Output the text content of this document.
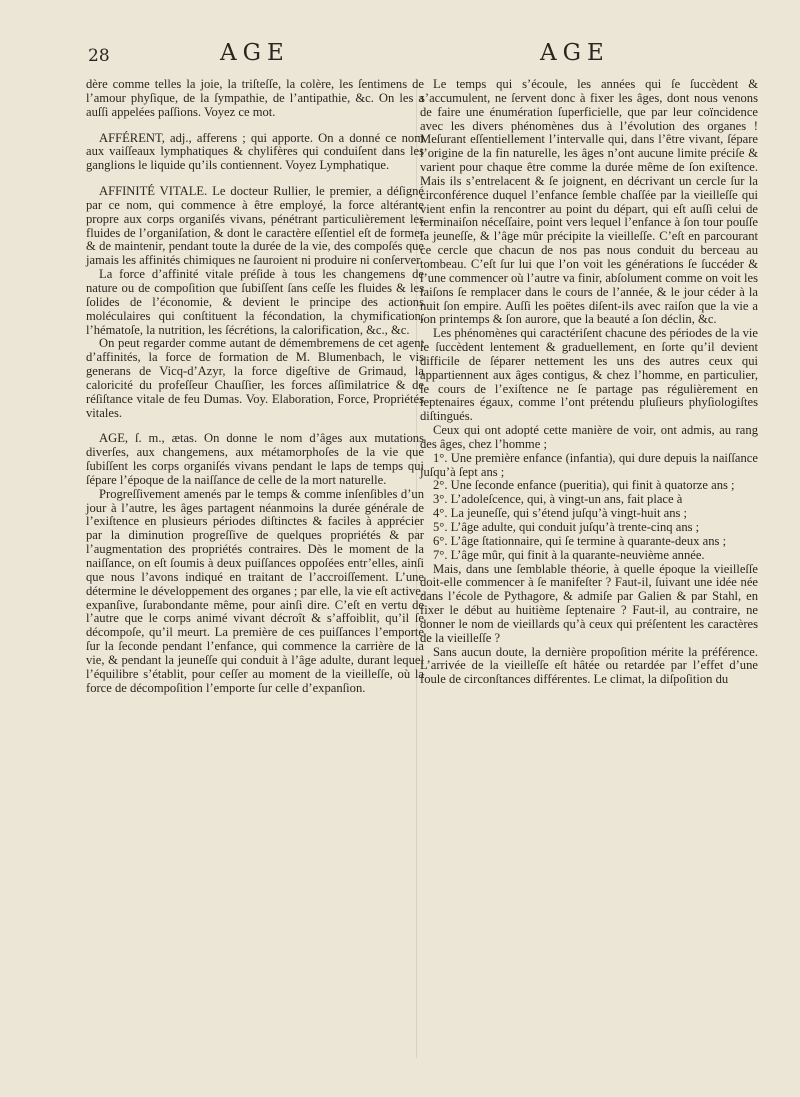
28	AGE	AGE

dère comme telles la joie, la triſteſſe, la colère, les ſentimens de l’amour phyſique, de la ſympathie, de l’antipathie, &c. On les a auſſi appelées paſſions. Voyez ce mot.

AFFÉRENT, adj., afferens ; qui apporte. On a donné ce nom aux vaiſſeaux lymphatiques & chylifères qui conduiſent dans les ganglions le liquide qu’ils contiennent. Voyez Lymphatique.

AFFINITÉ VITALE. Le docteur Rullier, le premier, a déſigné par ce nom, qui commence à être employé, la force altérante propre aux corps organiſés vivans, pénétrant particulièrement les fluides de l’organiſation, & dont le caractère eſſentiel eſt de former & de maintenir, pendant toute la durée de la vie, des compoſés que jamais les affinités chimiques ne ſauroient ni produire ni conſerver.

La force d’affinité vitale préſide à tous les changemens de nature ou de compoſition que ſubiſſent ſans ceſſe les fluides & les ſolides de l’économie, & devient le principe des actions moléculaires qui conſtituent la fécondation, la chymification, l’hématoſe, la nutrition, les ſécrétions, la calorification, &c., &c.

On peut regarder comme autant de démembremens de cet agent d’affinités, la force de formation de M. Blumenbach, le vis generans de Vicq-d’Azyr, la force digeſtive de Grimaud, la caloricité du profeſſeur Chauſſier, les forces aſſimilatrice & de réſiſtance vitale de feu Dumas. Voy. Elaboration, Force, Propriétés vitales.

AGE, ſ. m., ætas. On donne le nom d’âges aux mutations diverſes, aux changemens, aux métamorphoſes de la vie que ſubiſſent les corps organiſés vivans pendant le laps de temps qui ſépare l’époque de la naiſſance de celle de la mort naturelle.

Progreſſivement amenés par le temps & comme inſenſibles d’un jour à l’autre, les âges partagent néanmoins la durée générale de l’exiſtence en plusieurs périodes diſtinctes & faciles à apprécier par la diminution progreſſive de quelques propriétés & par l’augmentation des propriétés contraires. Dès le moment de la naiſſance, on eſt ſoumis à deux puiſſances oppoſées entr’elles, ainſi que nous l’avons indiqué en traitant de l’accroiſſement. L’une détermine le développement des organes ; par elle, la vie eſt active, expanſive, ſurabondante même, pour ainſi dire. C’eſt en vertu de l’autre que le corps animé vivant décroît & s’affoiblit, qu’il ſe décompoſe, qu’il meurt. La première de ces puiſſances l’emporte ſur la ſeconde pendant l’enfance, qui commence la carrière de la vie, & pendant la jeuneſſe qui conduit à l’âge adulte, durant lequel l’équilibre s’établit, pour ceſſer au moment de la vieilleſſe, où la force de décompoſition l’emporte ſur celle d’expanſion.

Le temps qui s’écoule, les années qui ſe ſuccèdent & s’accumulent, ne ſervent donc à fixer les âges, dont nous venons de faire une énumération ſuperficielle, que par leur coïncidence avec les divers phénomènes dus à l’évolution des organes ! Meſurant eſſentiellement l’intervalle qui, dans l’être vivant, ſépare l’origine de la fin naturelle, les âges n’ont aucune limite préciſe & varient pour chaque être comme la durée même de ſon exiſtence. Mais ils s’entrelacent & ſe joignent, en décrivant un cercle ſur la circonférence duquel l’enfance ſemble chaſſée par la vieilleſſe qui vient enfin la rencontrer au point du départ, qui eſt auſſi celui de terminaiſon néceſſaire, point vers lequel l’enfance à ſon tour pouſſe la jeuneſſe, & l’âge mûr précipite la vieilleſſe. C’eſt en parcourant ce cercle que chacun de nos pas nous conduit du berceau au tombeau. C’eſt ſur lui que l’on voit les générations ſe ſuccéder & l’une commencer où l’autre va finir, abſolument comme on voit les ſaiſons ſe remplacer dans le cours de l’année, & le jour céder à la nuit ſon empire. Auſſi les poëtes diſent-ils avec raiſon que la vie a ſon printemps & ſon aurore, que la beauté a ſon déclin, &c.

Les phénomènes qui caractériſent chacune des périodes de la vie ſe ſuccèdent lentement & graduellement, en ſorte qu’il devient difficile de ſéparer nettement les uns des autres ceux qui appartiennent aux âges contigus, & chez l’homme, en particulier, le cours de l’exiſtence ne ſe partage pas régulièrement en ſeptenaires égaux, comme l’ont prétendu pluſieurs phyſiologiſtes diſtingués.

Ceux qui ont adopté cette manière de voir, ont admis, au rang des âges, chez l’homme ;

1°. Une première enfance (infantia), qui dure depuis la naiſſance juſqu’à ſept ans ;

2°. Une ſeconde enfance (pueritia), qui finit à quatorze ans ;

3°. L’adoleſcence, qui, à vingt-un ans, fait place à

4°. La jeuneſſe, qui s’étend juſqu’à vingt-huit ans ;

5°. L’âge adulte, qui conduit juſqu’à trente-cinq ans ;

6°. L’âge ſtationnaire, qui ſe termine à quarante-deux ans ;

7°. L’âge mûr, qui finit à la quarante-neuvième année.

Mais, dans une ſemblable théorie, à quelle époque la vieilleſſe doit-elle commencer à ſe manifeſter ? Faut-il, ſuivant une idée née dans l’école de Pythagore, & admiſe par Galien & par Stahl, en fixer le début au huitième ſeptenaire ? Faut-il, au contraire, ne donner le nom de vieillards qu’à ceux qui préſentent les caractères de la vieilleſſe ?

Sans aucun doute, la dernière propoſition mérite la préférence. L’arrivée de la vieilleſſe eſt hâtée ou retardée par l’effet d’une foule de circonſtances différentes. Le climat, la diſpoſition du
